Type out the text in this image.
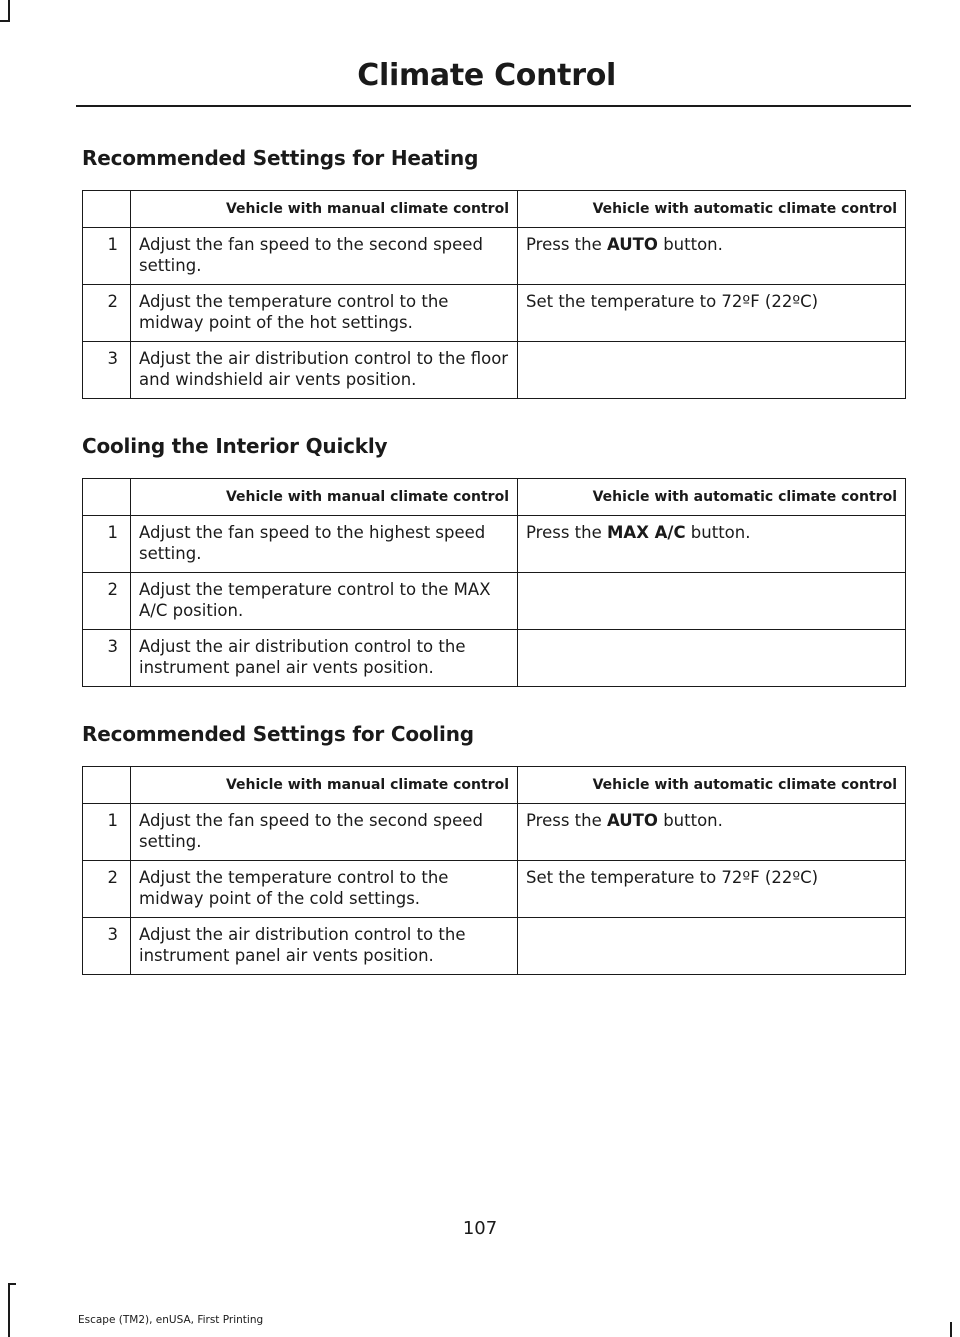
Climate Control
Recommended Settings for Heating
	Vehicle with manual climate control	Vehicle with automatic climate control
1	Adjust the fan speed to the second speed setting.	Press the AUTO button.
2	Adjust the temperature control to the midway point of the hot settings.	Set the temperature to 72ºF (22ºC)
3	Adjust the air distribution control to the floor and windshield air vents position.	
Cooling the Interior Quickly
	Vehicle with manual climate control	Vehicle with automatic climate control
1	Adjust the fan speed to the highest speed setting.	Press the MAX A/C button.
2	Adjust the temperature control to the MAX A/C position.	
3	Adjust the air distribution control to the instrument panel air vents position.	
Recommended Settings for Cooling
	Vehicle with manual climate control	Vehicle with automatic climate control
1	Adjust the fan speed to the second speed setting.	Press the AUTO button.
2	Adjust the temperature control to the midway point of the cold settings.	Set the temperature to 72ºF (22ºC)
3	Adjust the air distribution control to the instrument panel air vents position.	
107
Escape (TM2), enUSA, First Printing
